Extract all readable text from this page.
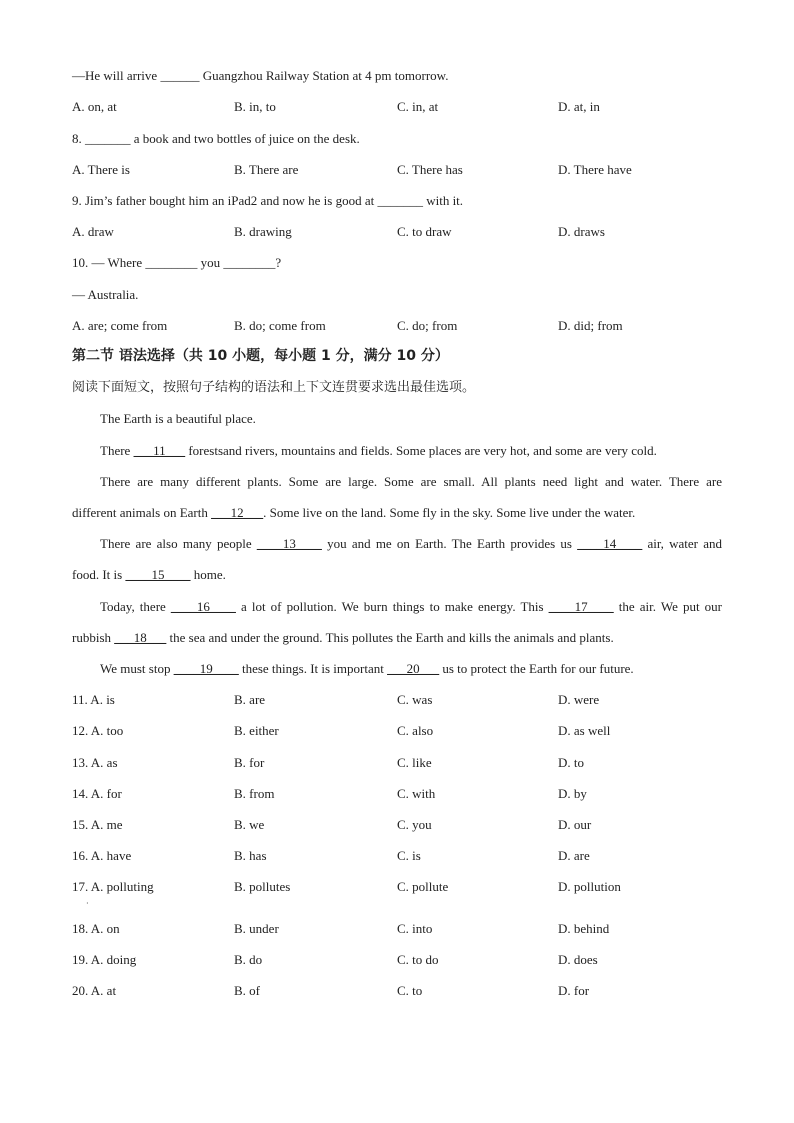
—He will arrive ______ Guangzhou Railway Station at 4 pm tomorrow.
A. on, at	B. in, to	C. in, at	D. at, in
8. _______ a book and two bottles of juice on the desk.
A. There is	B. There are	C. There has	D. There have
9. Jim’s father bought him an iPad2 and now he is good at _______ with it.
A. draw	B. drawing	C. to draw	D. draws
10. — Where ________ you ________?
— Australia.
A. are; come from	B. do; come from	C. do; from	D. did; from
第二节 语法选择（共 10 小题，每小题 1 分，满分 10 分）
阅读下面短文，按照句子结构的语法和上下文连贯要求选出最佳选项。
The Earth is a beautiful place.
There ___11___ forestsand rivers, mountains and fields. Some places are very hot, and some are very cold.
There are many different plants. Some are large. Some are small. All plants need light and water. There are
different animals on Earth ___12___. Some live on the land. Some fly in the sky. Some live under the water.
There are also many people ____13____ you and me on Earth. The Earth provides us ____14____ air, water and
food. It is ____15____ home.
Today, there ____16____ a lot of pollution. We burn things to make energy. This ____17____ the air. We put our
rubbish ___18___ the sea and under the ground. This pollutes the Earth and kills the animals and plants.
We must stop ____19____ these things. It is important ___20___ us to protect the Earth for our future.
11. A. is	B. are	C. was	D. were
12. A. too	B. either	C. also	D. as well
13. A. as	B. for	C. like	D. to
14. A. for	B. from	C. with	D. by
15. A. me	B. we	C. you	D. our
16. A. have	B. has	C. is	D. are
17. A. polluting	B. pollutes	C. pollute	D. pollution
·
18. A. on	B. under	C. into	D. behind
19. A. doing	B. do	C. to do	D. does
20. A. at	B. of	C. to	D. for
